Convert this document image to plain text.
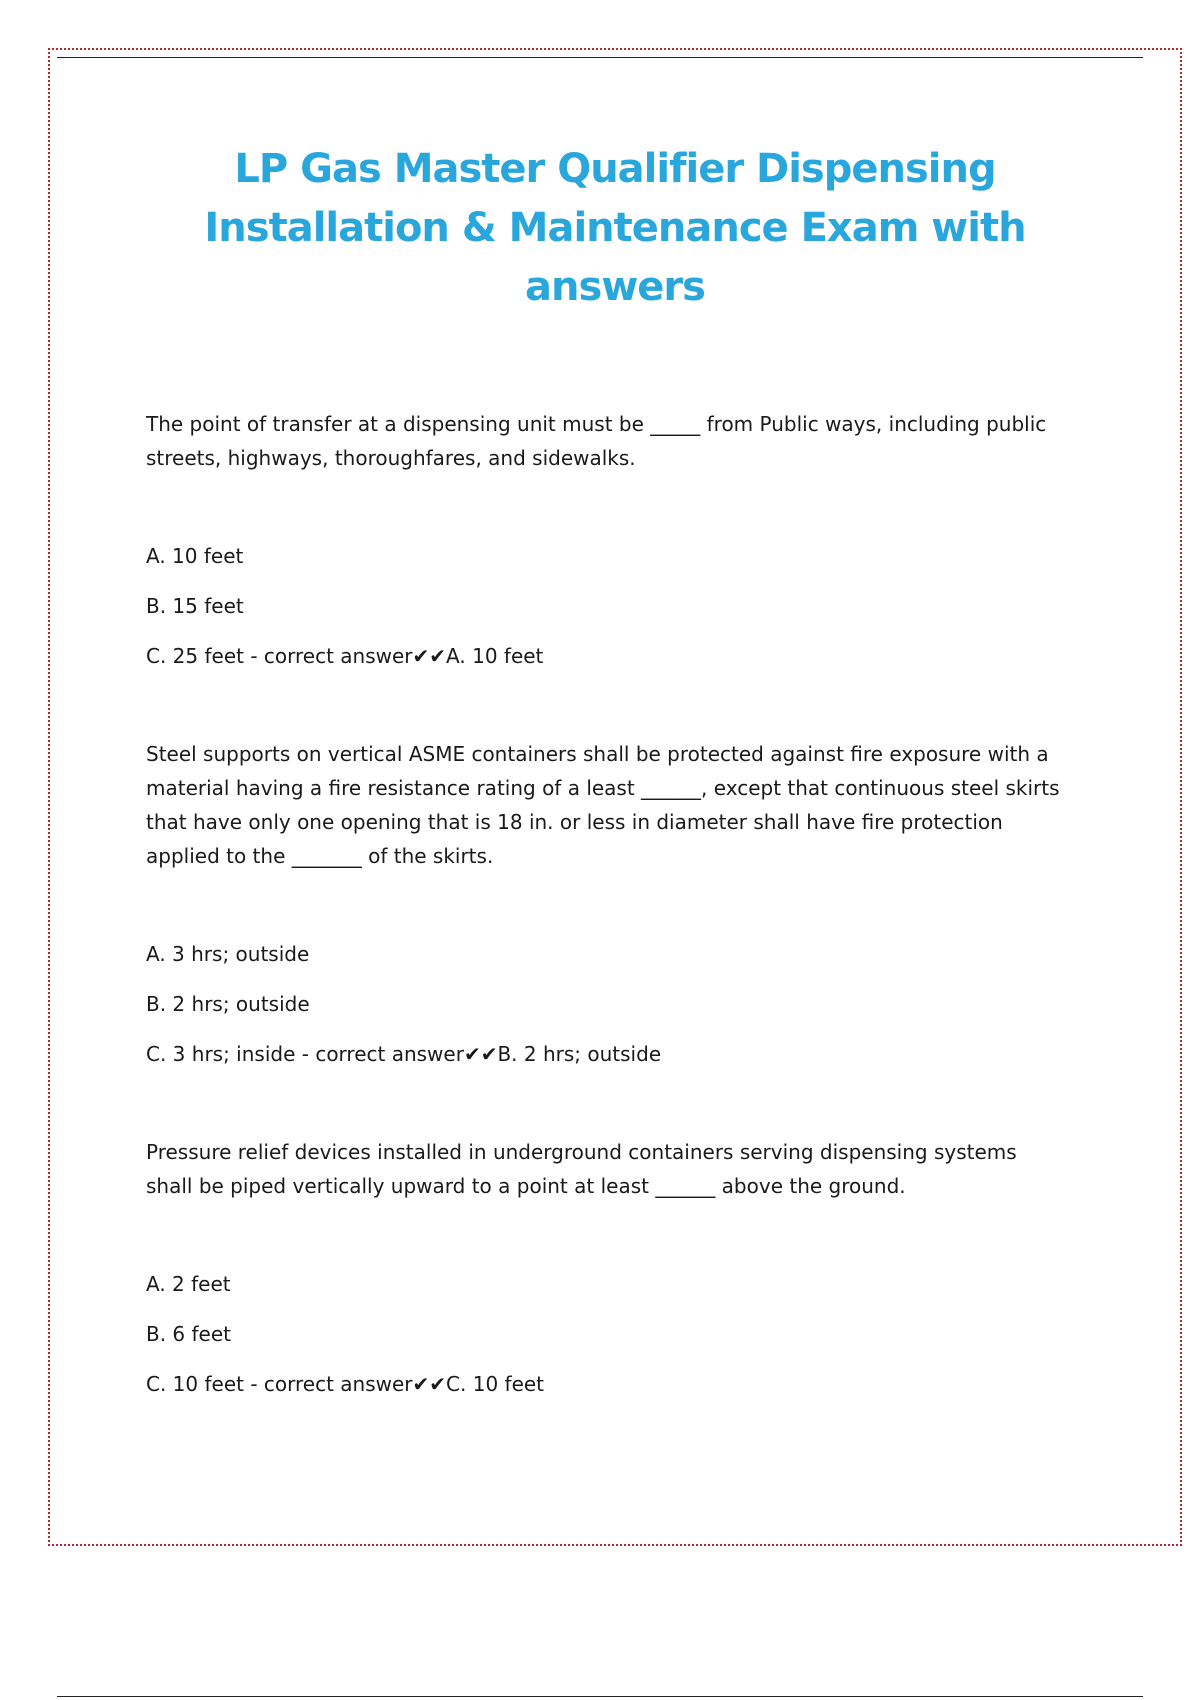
LP Gas Master Qualifier Dispensing Installation & Maintenance Exam with answers

The point of transfer at a dispensing unit must be _____ from Public ways, including public streets, highways, thoroughfares, and sidewalks.

A. 10 feet
B. 15 feet
C. 25 feet - correct answer✔✔A. 10 feet

Steel supports on vertical ASME containers shall be protected against fire exposure with a material having a fire resistance rating of a least ______, except that continuous steel skirts that have only one opening that is 18 in. or less in diameter shall have fire protection applied to the _______ of the skirts.

A. 3 hrs; outside
B. 2 hrs; outside
C. 3 hrs; inside - correct answer✔✔B. 2 hrs; outside

Pressure relief devices installed in underground containers serving dispensing systems shall be piped vertically upward to a point at least ______ above the ground.

A. 2 feet
B. 6 feet
C. 10 feet - correct answer✔✔C. 10 feet
